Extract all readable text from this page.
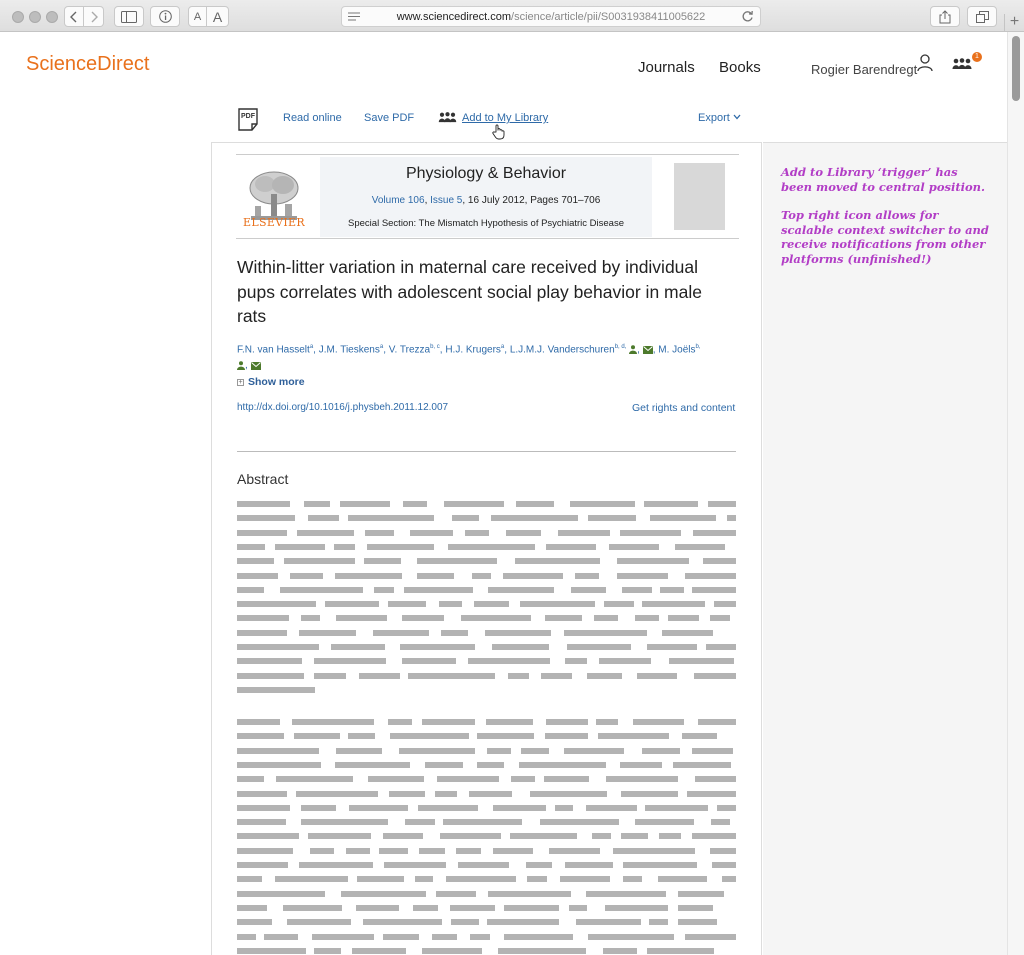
A A	www.sciencedirect.com /science/article/pii/S0031938411005622	+
ScienceDirect	Journals Books	Rogier Barendregt
1
PDF	Read online Save PDF	Add to My Library	Export
Add to Library ‘trigger’ has been moved to central position.
Top right icon allows for scalable context switcher to and receive notifications from other platforms (unfinished!)
ELSEVIER
Physiology & Behavior
Volume 106, Issue 5, 16 July 2012, Pages 701–706
Special Section: The Mismatch Hypothesis of Psychiatric Disease
Within-litter variation in maternal care received by individual pups correlates with adolescent social play behavior in male rats
F.N. van Hasselt$^a$, J.M. Tieskens$^a$, V. Trezza$^{b, c}$, H.J. Krugers$^a$, L.J.M.J. Vanderschuren$^{b, d,}$ , , M. Joëls$^{b,}$
,
+ Show more
http://dx.doi.org/10.1016/j.physbeh.2011.12.007	Get rights and content
Abstract
